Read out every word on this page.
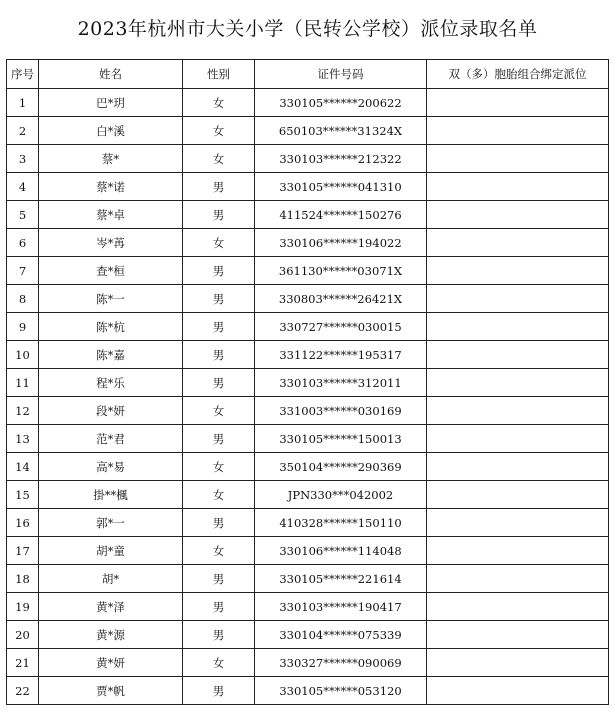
2023年杭州市大关小学（民转公学校）派位录取名单
序号	姓名	性别	证件号码	双（多）胞胎组合绑定派位
1	巴*玥	女	330105******200622	
2	白*溪	女	650103******31324X	
3	蔡*	女	330103******212322	
4	蔡*诺	男	330105******041310	
5	蔡*卓	男	411524******150276	
6	岑*苒	女	330106******194022	
7	查*桓	男	361130******03071X	
8	陈*一	男	330803******26421X	
9	陈*杭	男	330727******030015	
10	陈*嘉	男	331122******195317	
11	程*乐	男	330103******312011	
12	段*妍	女	331003******030169	
13	范*君	男	330105******150013	
14	高*易	女	350104******290369	
15	掛**楓	女	JPN330***042002	
16	郭*一	男	410328******150110	
17	胡*童	女	330106******114048	
18	胡*	男	330105******221614	
19	黄*泽	男	330103******190417	
20	黄*源	男	330104******075339	
21	黄*妍	女	330327******090069	
22	贾*帆	男	330105******053120	
